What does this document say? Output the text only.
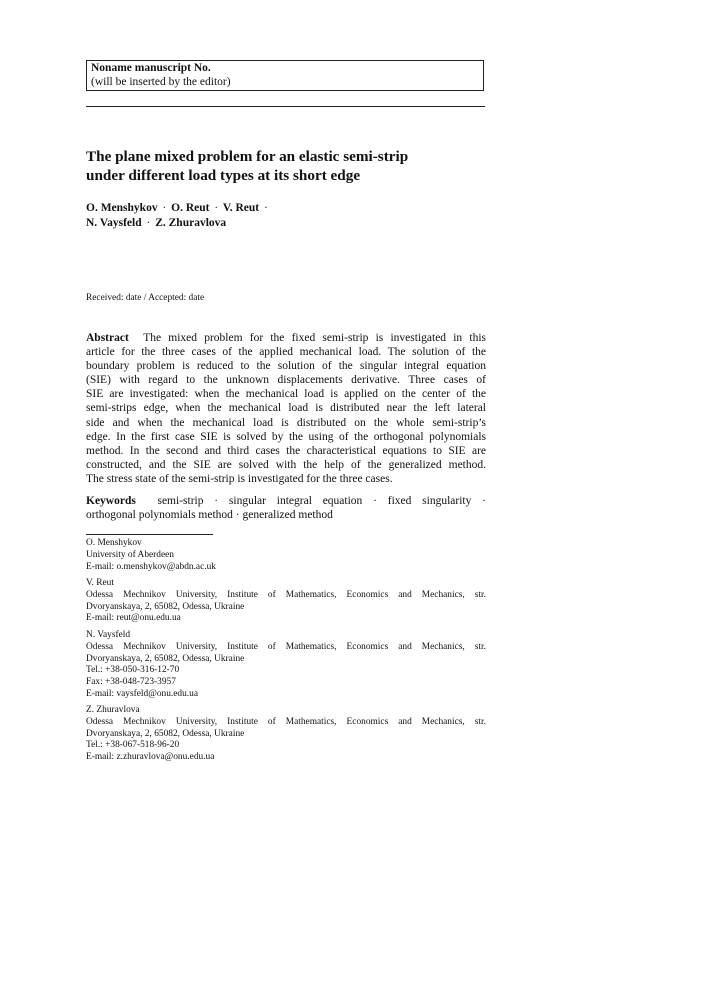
Noname manuscript No.
(will be inserted by the editor)
The plane mixed problem for an elastic semi-strip
under different load types at its short edge
O. Menshykov · O. Reut · V. Reut ·
N. Vaysfeld · Z. Zhuravlova
Received: date / Accepted: date
Abstract The mixed problem for the fixed semi-strip is investigated in this
article for the three cases of the applied mechanical load. The solution of the
boundary problem is reduced to the solution of the singular integral equation
(SIE) with regard to the unknown displacements derivative. Three cases of
SIE are investigated: when the mechanical load is applied on the center of the
semi-strips edge, when the mechanical load is distributed near the left lateral
side and when the mechanical load is distributed on the whole semi-strip’s
edge. In the first case SIE is solved by the using of the orthogonal polynomials
method. In the second and third cases the characteristical equations to SIE are
constructed, and the SIE are solved with the help of the generalized method.
The stress state of the semi-strip is investigated for the three cases.
Keywords semi-strip · singular integral equation · fixed singularity ·
orthogonal polynomials method · generalized method
O. Menshykov
University of Aberdeen
E-mail: o.menshykov@abdn.ac.uk
V. Reut
Odessa Mechnikov University, Institute of Mathematics, Economics and Mechanics, str.
Dvoryanskaya, 2, 65082, Odessa, Ukraine
E-mail: reut@onu.edu.ua
N. Vaysfeld
Odessa Mechnikov University, Institute of Mathematics, Economics and Mechanics, str.
Dvoryanskaya, 2, 65082, Odessa, Ukraine
Tel.: +38-050-316-12-70
Fax: +38-048-723-3957
E-mail: vaysfeld@onu.edu.ua
Z. Zhuravlova
Odessa Mechnikov University, Institute of Mathematics, Economics and Mechanics, str.
Dvoryanskaya, 2, 65082, Odessa, Ukraine
Tel.: +38-067-518-96-20
E-mail: z.zhuravlova@onu.edu.ua
